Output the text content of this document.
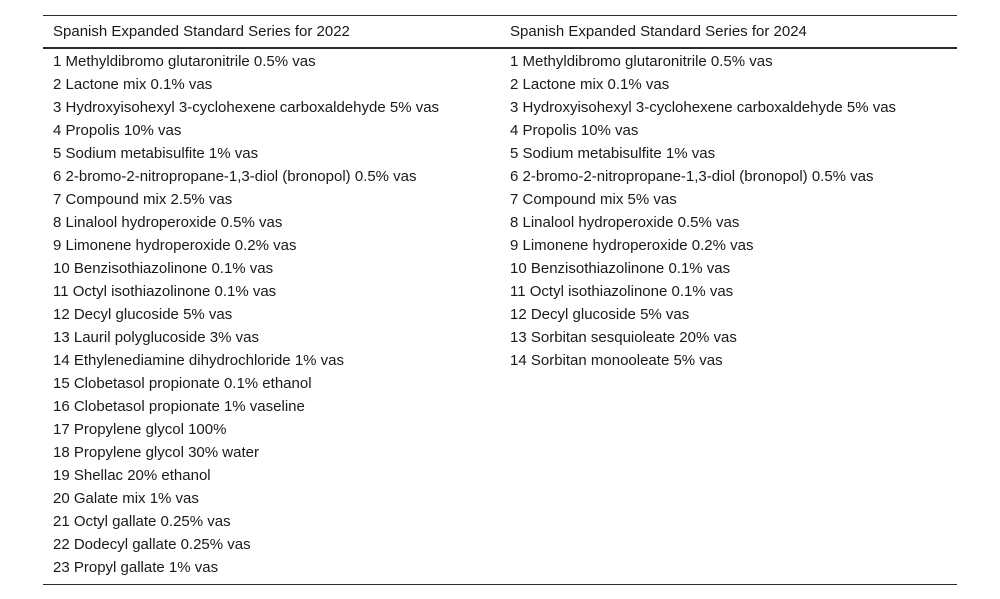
Spanish Expanded Standard Series for 2022	Spanish Expanded Standard Series for 2024
1 Methyldibromo glutaronitrile 0.5% vas
2 Lactone mix 0.1% vas
3 Hydroxyisohexyl 3-cyclohexene carboxaldehyde 5% vas
4 Propolis 10% vas
5 Sodium metabisulfite 1% vas
6 2-bromo-2-nitropropane-1,3-diol (bronopol) 0.5% vas
7 Compound mix 2.5% vas
8 Linalool hydroperoxide 0.5% vas
9 Limonene hydroperoxide 0.2% vas
10 Benzisothiazolinone 0.1% vas
11 Octyl isothiazolinone 0.1% vas
12 Decyl glucoside 5% vas
13 Lauril polyglucoside 3% vas
14 Ethylenediamine dihydrochloride 1% vas
15 Clobetasol propionate 0.1% ethanol
16 Clobetasol propionate 1% vaseline
17 Propylene glycol 100%
18 Propylene glycol 30% water
19 Shellac 20% ethanol
20 Galate mix 1% vas
21 Octyl gallate 0.25% vas
22 Dodecyl gallate 0.25% vas
23 Propyl gallate 1% vas
1 Methyldibromo glutaronitrile 0.5% vas
2 Lactone mix 0.1% vas
3 Hydroxyisohexyl 3-cyclohexene carboxaldehyde 5% vas
4 Propolis 10% vas
5 Sodium metabisulfite 1% vas
6 2-bromo-2-nitropropane-1,3-diol (bronopol) 0.5% vas
7 Compound mix 5% vas
8 Linalool hydroperoxide 0.5% vas
9 Limonene hydroperoxide 0.2% vas
10 Benzisothiazolinone 0.1% vas
11 Octyl isothiazolinone 0.1% vas
12 Decyl glucoside 5% vas
13 Sorbitan sesquioleate 20% vas
14 Sorbitan monooleate 5% vas
